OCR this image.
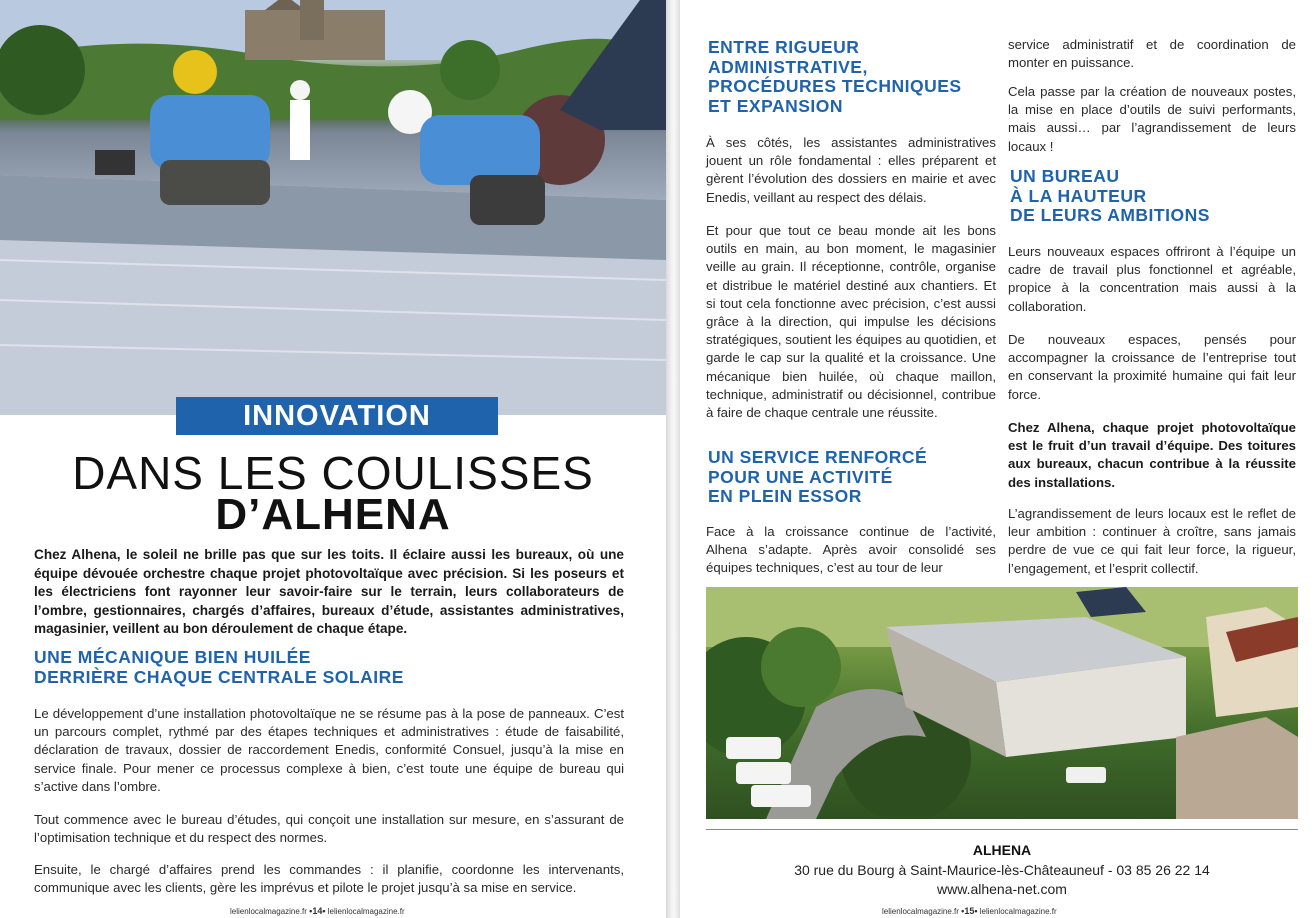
INNOVATION
DANS LES COULISSES
D’ALHENA

Chez Alhena, le soleil ne brille pas que sur les toits. Il éclaire aussi les bureaux, où une équipe dévouée orchestre chaque projet photovoltaïque avec précision. Si les poseurs et les électriciens font rayonner leur savoir-faire sur le terrain, leurs collaborateurs de l’ombre, gestionnaires, chargés d’affaires, bureaux d’étude, assistantes administratives, magasinier, veillent au bon déroulement de chaque étape.

UNE MÉCANIQUE BIEN HUILÉE
DERRIÈRE CHAQUE CENTRALE SOLAIRE

Le développement d’une installation photovoltaïque ne se résume pas à la pose de panneaux. C’est un parcours complet, rythmé par des étapes techniques et administratives : étude de faisabilité, déclaration de travaux, dossier de raccordement Enedis, conformité Consuel, jusqu’à la mise en service finale. Pour mener ce processus complexe à bien, c’est toute une équipe de bureau qui s’active dans l’ombre.

Tout commence avec le bureau d’études, qui conçoit une installation sur mesure, en s’assurant de l’optimisation technique et du respect des normes.

Ensuite, le chargé d’affaires prend les commandes : il planifie, coordonne les intervenants, communique avec les clients, gère les imprévus et pilote le projet jusqu’à sa mise en service.

lelienlocalmagazine.fr •14• lelienlocalmagazine.fr
ENTRE RIGUEUR
ADMINISTRATIVE,
PROCÉDURES TECHNIQUES
ET EXPANSION

À ses côtés, les assistantes administratives jouent un rôle fondamental : elles préparent et gèrent l’évolution des dossiers en mairie et avec Enedis, veillant au respect des délais.

Et pour que tout ce beau monde ait les bons outils en main, au bon moment, le magasinier veille au grain. Il réceptionne, contrôle, organise et distribue le matériel destiné aux chantiers. Et si tout cela fonctionne avec précision, c’est aussi grâce à la direction, qui impulse les décisions stratégiques, soutient les équipes au quotidien, et garde le cap sur la qualité et la croissance. Une mécanique bien huilée, où chaque maillon, technique, administratif ou décisionnel, contribue à faire de chaque centrale une réussite.

UN SERVICE RENFORCÉ
POUR UNE ACTIVITÉ
EN PLEIN ESSOR

Face à la croissance continue de l’activité, Alhena s’adapte. Après avoir consolidé ses équipes techniques, c’est au tour de leur

service administratif et de coordination de monter en puissance.

Cela passe par la création de nouveaux postes, la mise en place d’outils de suivi performants, mais aussi… par l’agrandissement de leurs locaux !

UN BUREAU
À LA HAUTEUR
DE LEURS AMBITIONS

Leurs nouveaux espaces offriront à l’équipe un cadre de travail plus fonctionnel et agréable, propice à la concentration mais aussi à la collaboration.

De nouveaux espaces, pensés pour accompagner la croissance de l’entreprise tout en conservant la proximité humaine qui fait leur force.

Chez Alhena, chaque projet photovoltaïque est le fruit d’un travail d’équipe. Des toitures aux bureaux, chacun contribue à la réussite des installations.

L’agrandissement de leurs locaux est le reflet de leur ambition : continuer à croître, sans jamais perdre de vue ce qui fait leur force, la rigueur, l’engagement, et l’esprit collectif.

ALHENA
30 rue du Bourg à Saint-Maurice-lès-Châteauneuf - 03 85 26 22 14
www.alhena-net.com
lelienlocalmagazine.fr •15• lelienlocalmagazine.fr
